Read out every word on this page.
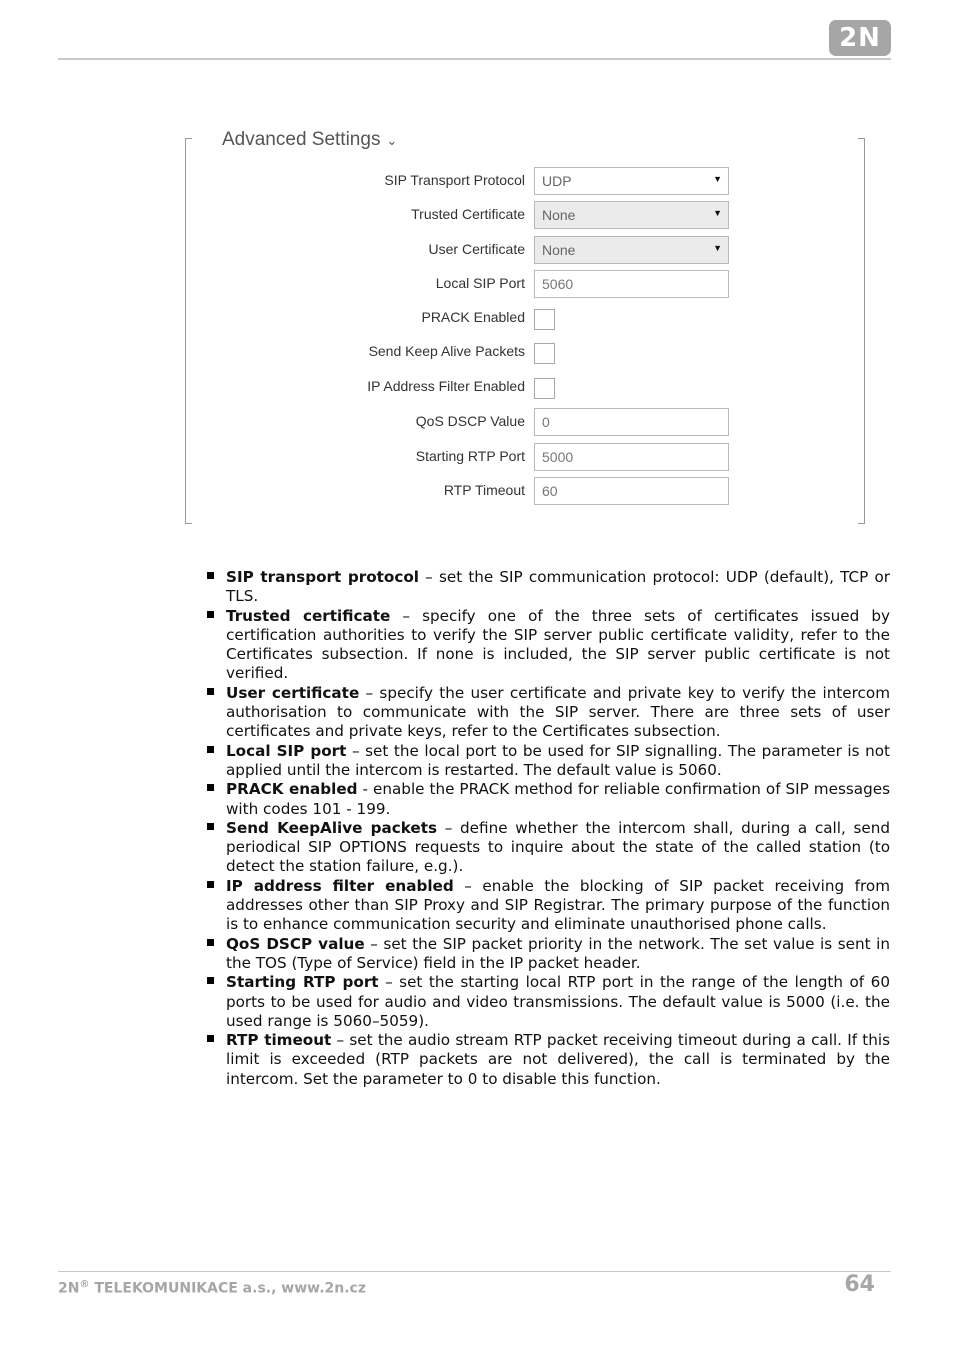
2N
Advanced Settings ⌄
SIP Transport Protocol UDP	▼
Trusted Certificate None	▼
User Certificate None	▼
Local SIP Port 5060
PRACK Enabled
Send Keep Alive Packets
IP Address Filter Enabled
QoS DSCP Value 0
Starting RTP Port 5000
RTP Timeout 60
SIP transport protocol – set the SIP communication protocol: UDP (default), TCP or TLS.
Trusted certificate – specify one of the three sets of certificates issued by certification authorities to verify the SIP server public certificate validity, refer to the Certificates subsection. If none is included, the SIP server public certificate is not verified.
User certificate – specify the user certificate and private key to verify the intercom authorisation to communicate with the SIP server. There are three sets of user certificates and private keys, refer to the Certificates subsection.
Local SIP port – set the local port to be used for SIP signalling. The parameter is not applied until the intercom is restarted. The default value is 5060.
PRACK enabled - enable the PRACK method for reliable confirmation of SIP messages with codes 101 - 199.
Send KeepAlive packets – define whether the intercom shall, during a call, send periodical SIP OPTIONS requests to inquire about the state of the called station (to detect the station failure, e.g.).
IP address filter enabled – enable the blocking of SIP packet receiving from addresses other than SIP Proxy and SIP Registrar. The primary purpose of the function is to enhance communication security and eliminate unauthorised phone calls.
QoS DSCP value – set the SIP packet priority in the network. The set value is sent in the TOS (Type of Service) field in the IP packet header.
Starting RTP port – set the starting local RTP port in the range of the length of 60 ports to be used for audio and video transmissions. The default value is 5000 (i.e. the used range is 5060–5059).
RTP timeout – set the audio stream RTP packet receiving timeout during a call. If this limit is exceeded (RTP packets are not delivered), the call is terminated by the intercom. Set the parameter to 0 to disable this function.
2N® TELEKOMUNIKACE a.s., www.2n.cz	64
